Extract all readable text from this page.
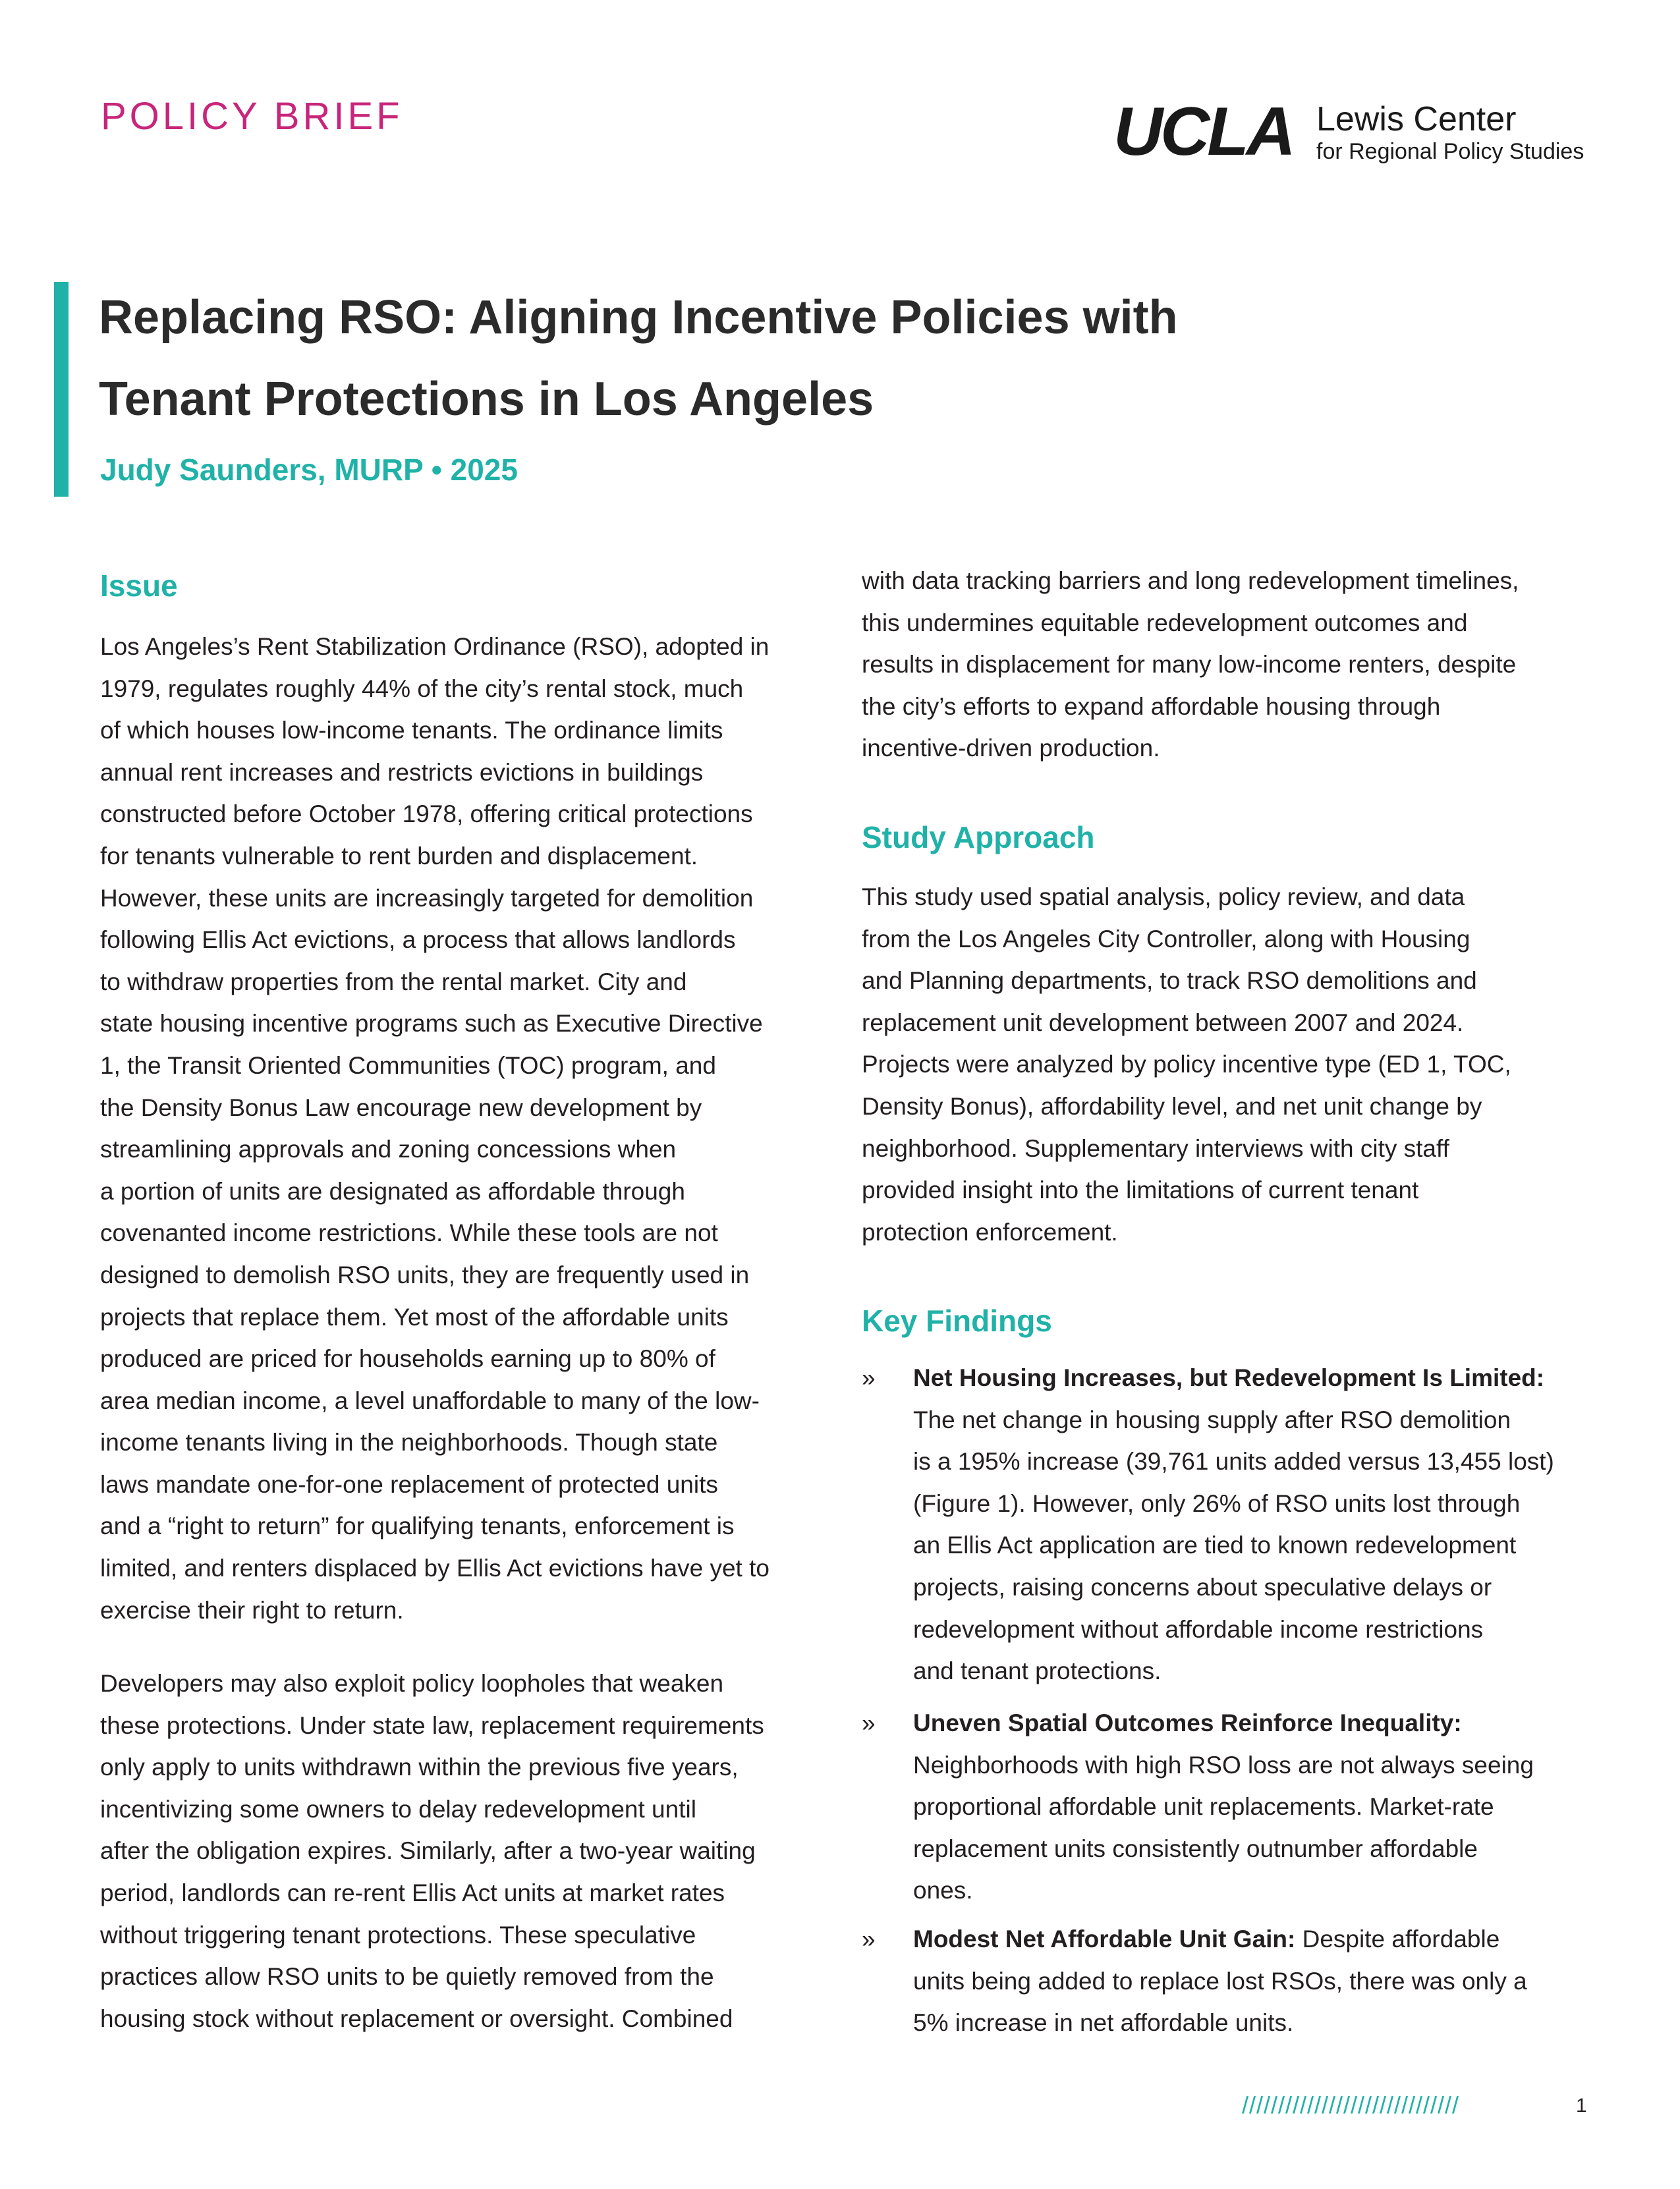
POLICY BRIEF	UCLA Lewis Center
for Regional Policy Studies
Replacing RSO: Aligning Incentive Policies with
Tenant Protections in Los Angeles
Judy Saunders, MURP • 2025
Issue
Los Angeles’s Rent Stabilization Ordinance (RSO), adopted in
1979, regulates roughly 44% of the city’s rental stock, much
of which houses low-income tenants. The ordinance limits
annual rent increases and restricts evictions in buildings
constructed before October 1978, offering critical protections
for tenants vulnerable to rent burden and displacement.
However, these units are increasingly targeted for demolition
following Ellis Act evictions, a process that allows landlords
to withdraw properties from the rental market. City and
state housing incentive programs such as Executive Directive
1, the Transit Oriented Communities (TOC) program, and
the Density Bonus Law encourage new development by
streamlining approvals and zoning concessions when
a portion of units are designated as affordable through
covenanted income restrictions. While these tools are not
designed to demolish RSO units, they are frequently used in
projects that replace them. Yet most of the affordable units
produced are priced for households earning up to 80% of
area median income, a level unaffordable to many of the low-
income tenants living in the neighborhoods. Though state
laws mandate one-for-one replacement of protected units
and a “right to return” for qualifying tenants, enforcement is
limited, and renters displaced by Ellis Act evictions have yet to
exercise their right to return.
Developers may also exploit policy loopholes that weaken
these protections. Under state law, replacement requirements
only apply to units withdrawn within the previous five years,
incentivizing some owners to delay redevelopment until
after the obligation expires. Similarly, after a two-year waiting
period, landlords can re-rent Ellis Act units at market rates
without triggering tenant protections. These speculative
practices allow RSO units to be quietly removed from the
housing stock without replacement or oversight. Combined
with data tracking barriers and long redevelopment timelines,
this undermines equitable redevelopment outcomes and
results in displacement for many low-income renters, despite
the city’s efforts to expand affordable housing through
incentive-driven production.
Study Approach
This study used spatial analysis, policy review, and data
from the Los Angeles City Controller, along with Housing
and Planning departments, to track RSO demolitions and
replacement unit development between 2007 and 2024.
Projects were analyzed by policy incentive type (ED 1, TOC,
Density Bonus), affordability level, and net unit change by
neighborhood. Supplementary interviews with city staff
provided insight into the limitations of current tenant
protection enforcement.
Key Findings
»	Net Housing Increases, but Redevelopment Is Limited:
The net change in housing supply after RSO demolition
is a 195% increase (39,761 units added versus 13,455 lost)
(Figure 1). However, only 26% of RSO units lost through
an Ellis Act application are tied to known redevelopment
projects, raising concerns about speculative delays or
redevelopment without affordable income restrictions
and tenant protections.
»	Uneven Spatial Outcomes Reinforce Inequality:
Neighborhoods with high RSO loss are not always seeing
proportional affordable unit replacements. Market-rate
replacement units consistently outnumber affordable
ones.
»	Modest Net Affordable Unit Gain: Despite affordable
units being added to replace lost RSOs, there was only a
5% increase in net affordable units.
//////////////////////////////	1
